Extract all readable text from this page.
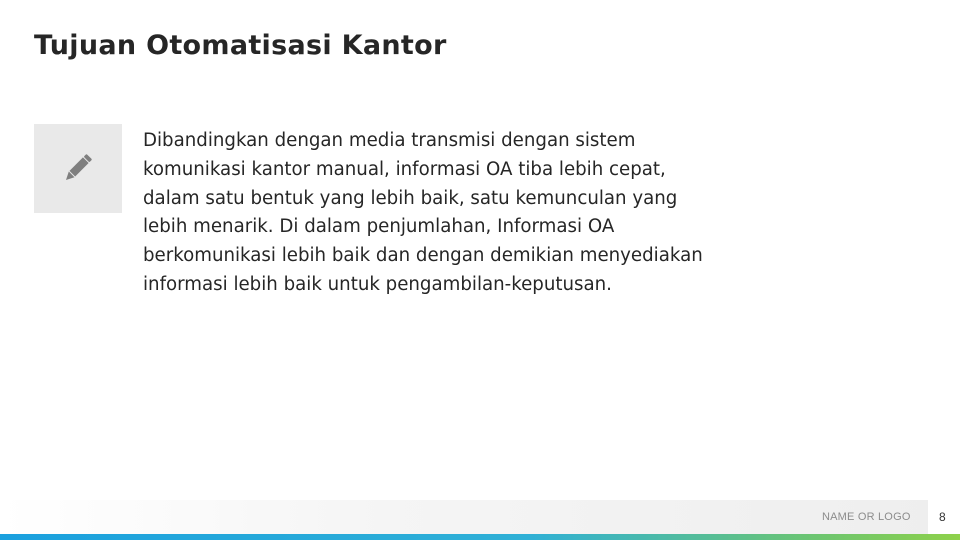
Tujuan Otomatisasi Kantor
Dibandingkan dengan media transmisi dengan sistem
komunikasi kantor manual, informasi OA tiba lebih cepat,
dalam satu bentuk yang lebih baik, satu kemunculan yang
lebih menarik. Di dalam penjumlahan, Informasi OA
berkomunikasi lebih baik dan dengan demikian menyediakan
informasi lebih baik untuk pengambilan-keputusan.
NAME OR LOGO 8
